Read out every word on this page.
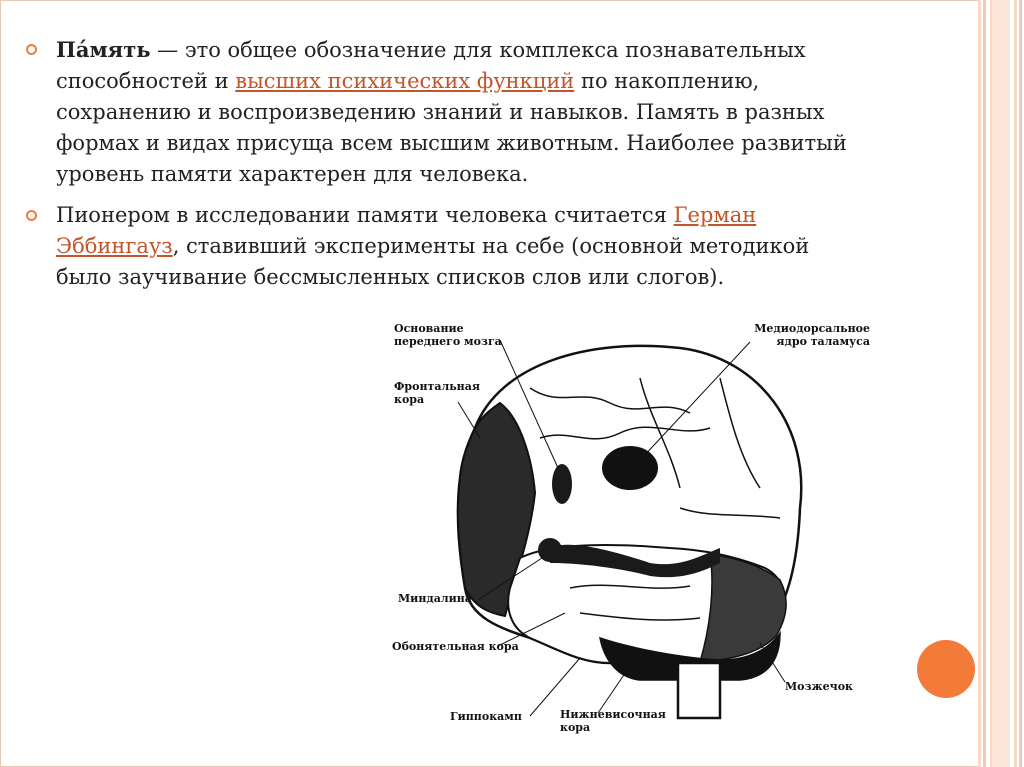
Па́мять — это общее обозначение для комплекса познавательных способностей и высших психических функций по накоплению, сохранению и воспроизведению знаний и навыков. Память в разных формах и видах присуща всем высшим животным. Наиболее развитый уровень памяти характерен для человека.
Пионером в исследовании памяти человека считается Герман Эббингауз, ставивший эксперименты на себе (основной методикой было заучивание бессмысленных списков слов или слогов).
Основание
переднего мозга
Медиодорсальное
ядро таламуса
Фронтальная
кора
Миндалина
Обонятельная кора
Гиппокамп	Нижневисочная
кора
Мозжечок
